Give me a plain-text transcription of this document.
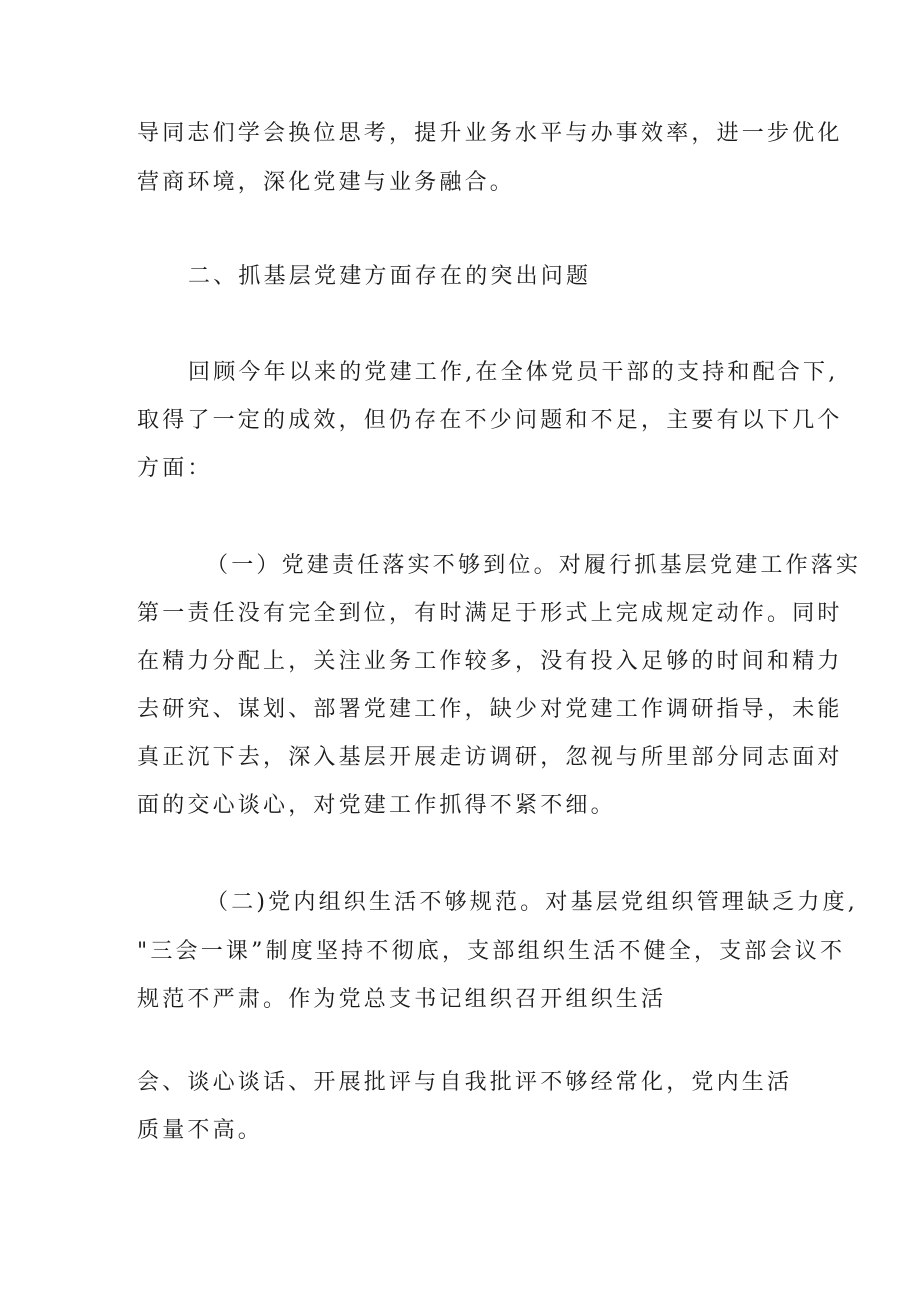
导同志们学会换位思考，提升业务水平与办事效率，进一步优化
营商环境，深化党建与业务融合。
二、抓基层党建方面存在的突出问题
回顾今年以来的党建工作,在全体党员干部的支持和配合下,
取得了一定的成效，但仍存在不少问题和不足，主要有以下几个
方面：
（一）党建责任落实不够到位。对履行抓基层党建工作落实
第一责任没有完全到位，有时满足于形式上完成规定动作。同时
在精力分配上，关注业务工作较多，没有投入足够的时间和精力
去研究、谋划、部署党建工作，缺少对党建工作调研指导，未能
真正沉下去，深入基层开展走访调研，忽视与所里部分同志面对
面的交心谈心，对党建工作抓得不紧不细。
（二)党内组织生活不够规范。对基层党组织管理缺乏力度,
"三会一课”制度坚持不彻底，支部组织生活不健全，支部会议不
规范不严肃。作为党总支书记组织召开组织生活
会、谈心谈话、开展批评与自我批评不够经常化，党内生活
质量不高。
